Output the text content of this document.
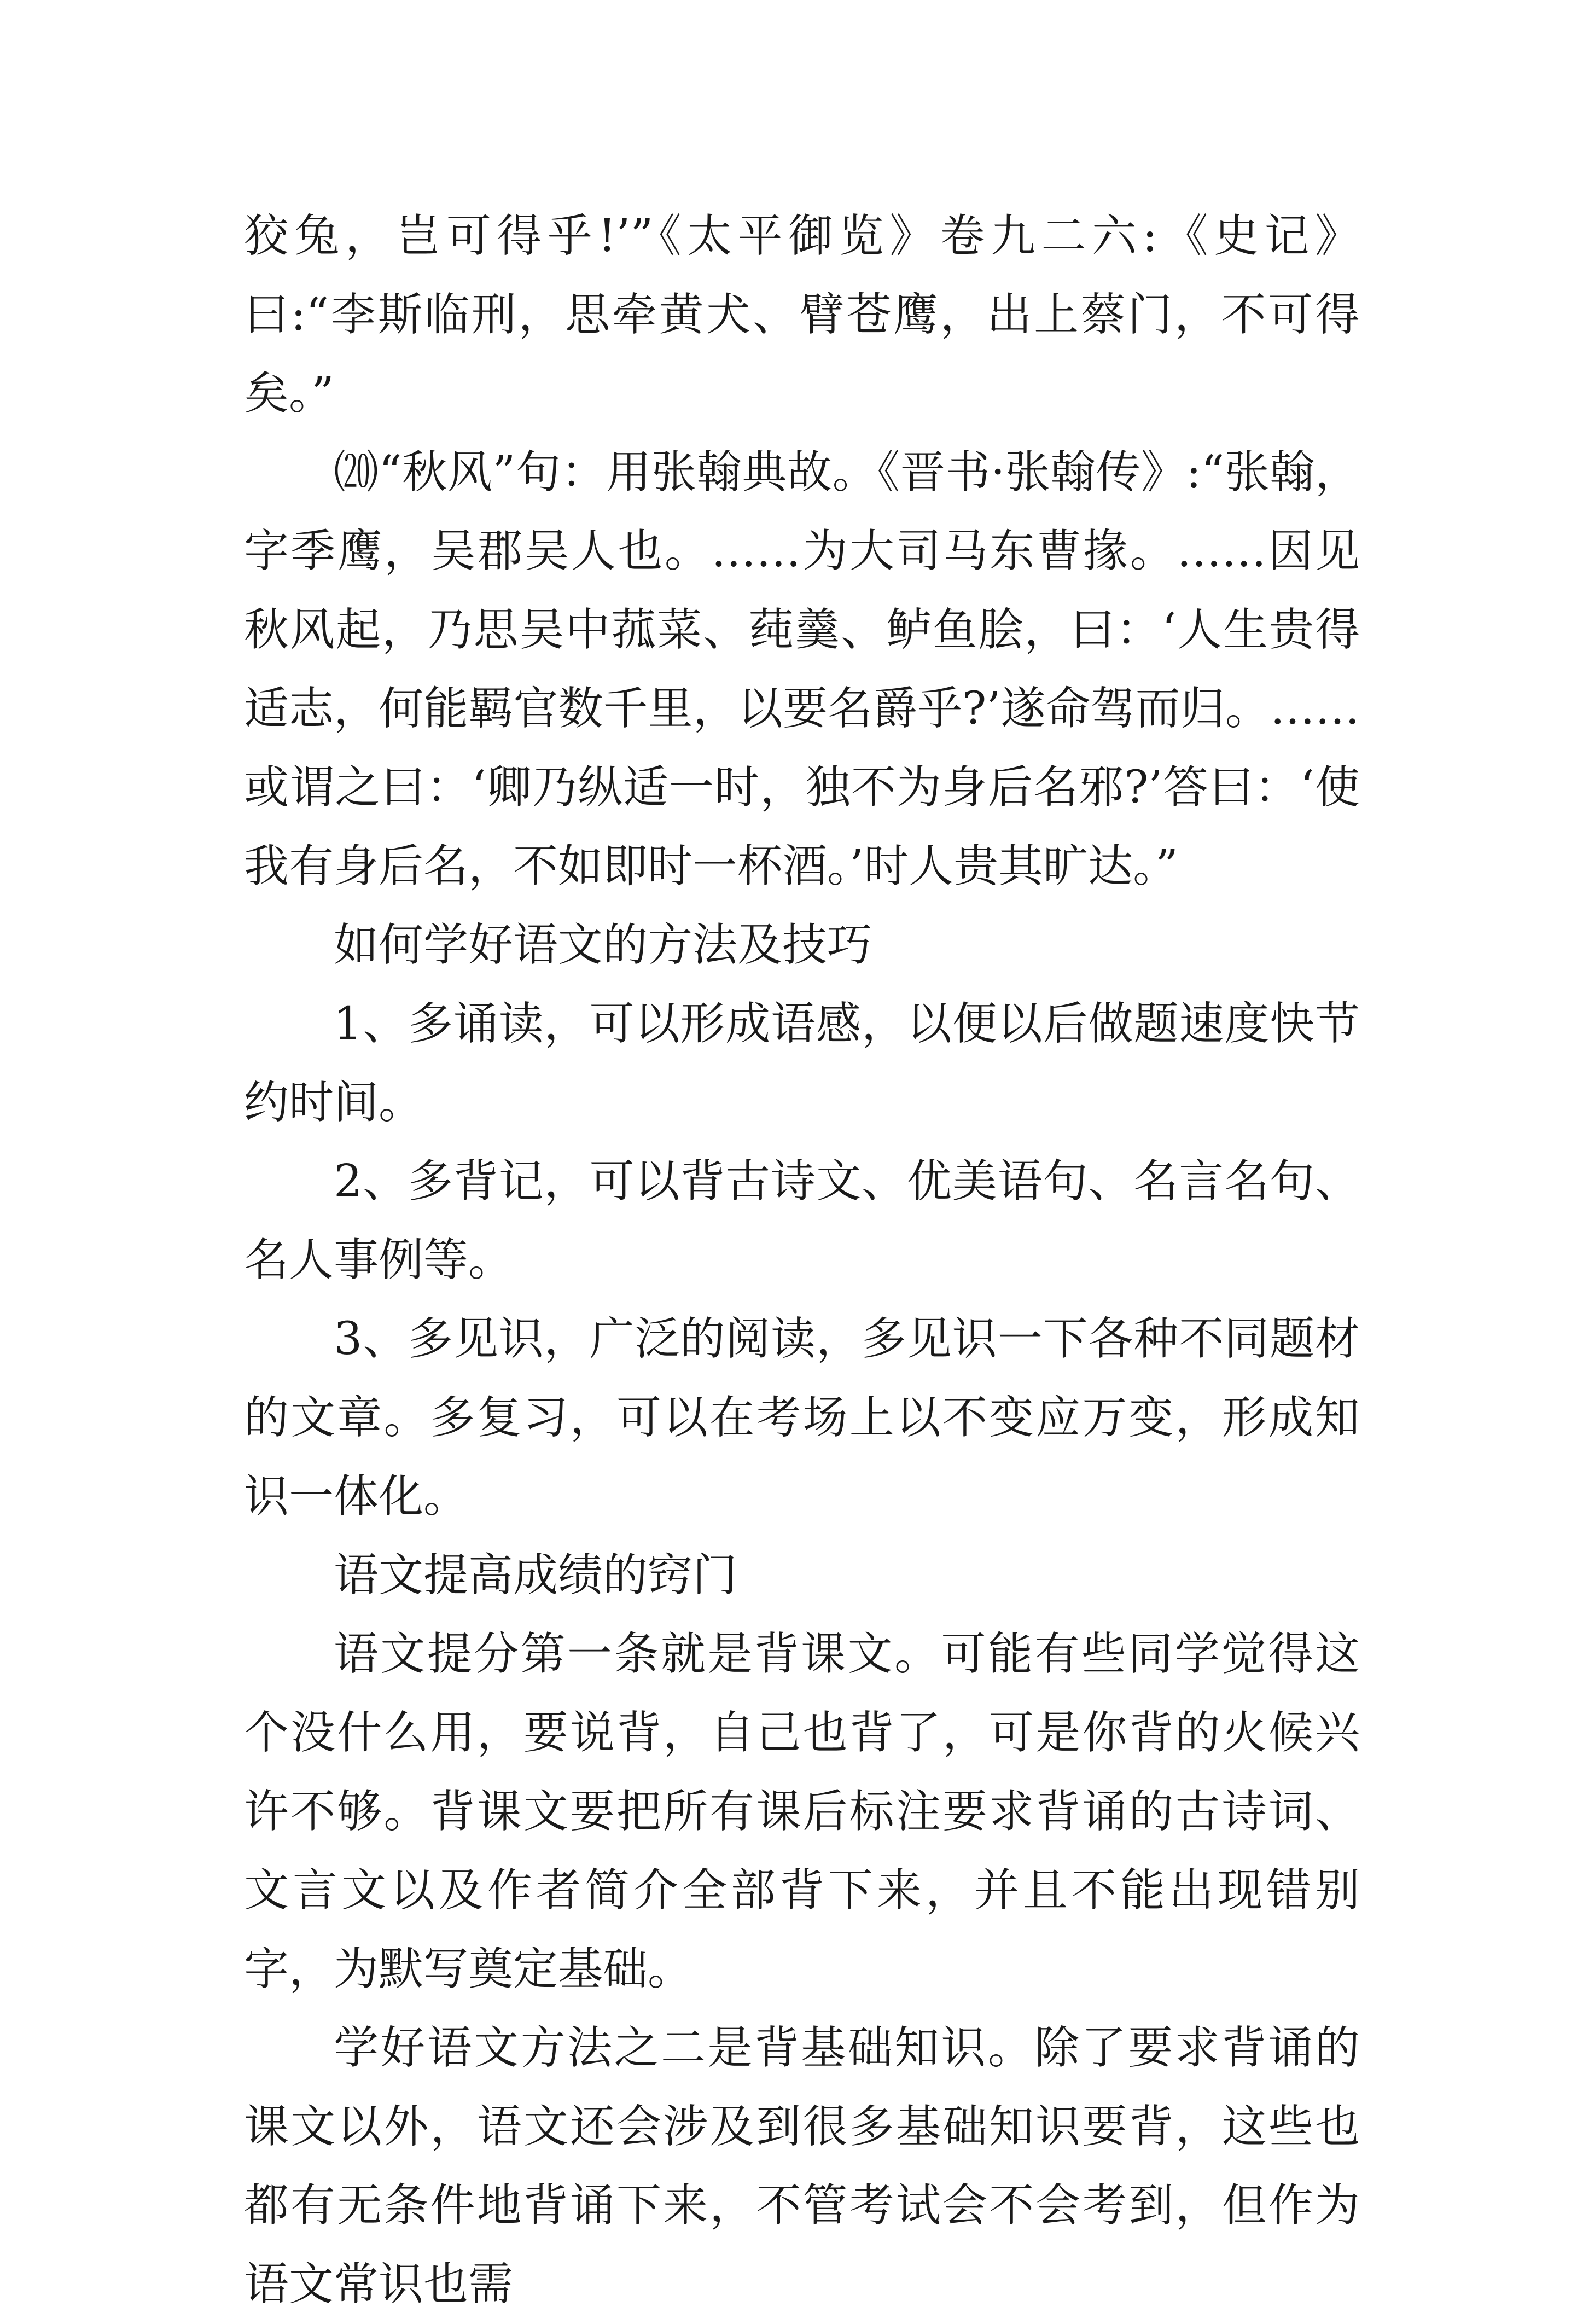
狡兔，岂可得乎!’”《太平御览》卷九二六:《史记》曰:“李斯临刑，思牵黄犬、臂苍鹰，出上蔡门，不可得矣。”

⒇“秋风”句：用张翰典故。《晋书·张翰传》:“张翰，字季鹰，吴郡吴人也。……为大司马东曹掾。……因见秋风起，乃思吴中菰菜、莼羹、鲈鱼脍，曰：‘人生贵得适志，何能羁官数千里，以要名爵乎?’遂命驾而归。……或谓之曰：‘卿乃纵适一时，独不为身后名邪?’答曰：‘使我有身后名，不如即时一杯酒。’时人贵其旷达。”

如何学好语文的方法及技巧

1、多诵读，可以形成语感，以便以后做题速度快节约时间。

2、多背记，可以背古诗文、优美语句、名言名句、名人事例等。

3、多见识，广泛的阅读，多见识一下各种不同题材的文章。多复习，可以在考场上以不变应万变，形成知识一体化。

语文提高成绩的窍门

语文提分第一条就是背课文。可能有些同学觉得这个没什么用，要说背，自己也背了，可是你背的火候兴许不够。背课文要把所有课后标注要求背诵的古诗词、文言文以及作者简介全部背下来，并且不能出现错别字，为默写奠定基础。

学好语文方法之二是背基础知识。除了要求背诵的课文以外，语文还会涉及到很多基础知识要背，这些也都有无条件地背诵下来，不管考试会不会考到，但作为语文常识也需
